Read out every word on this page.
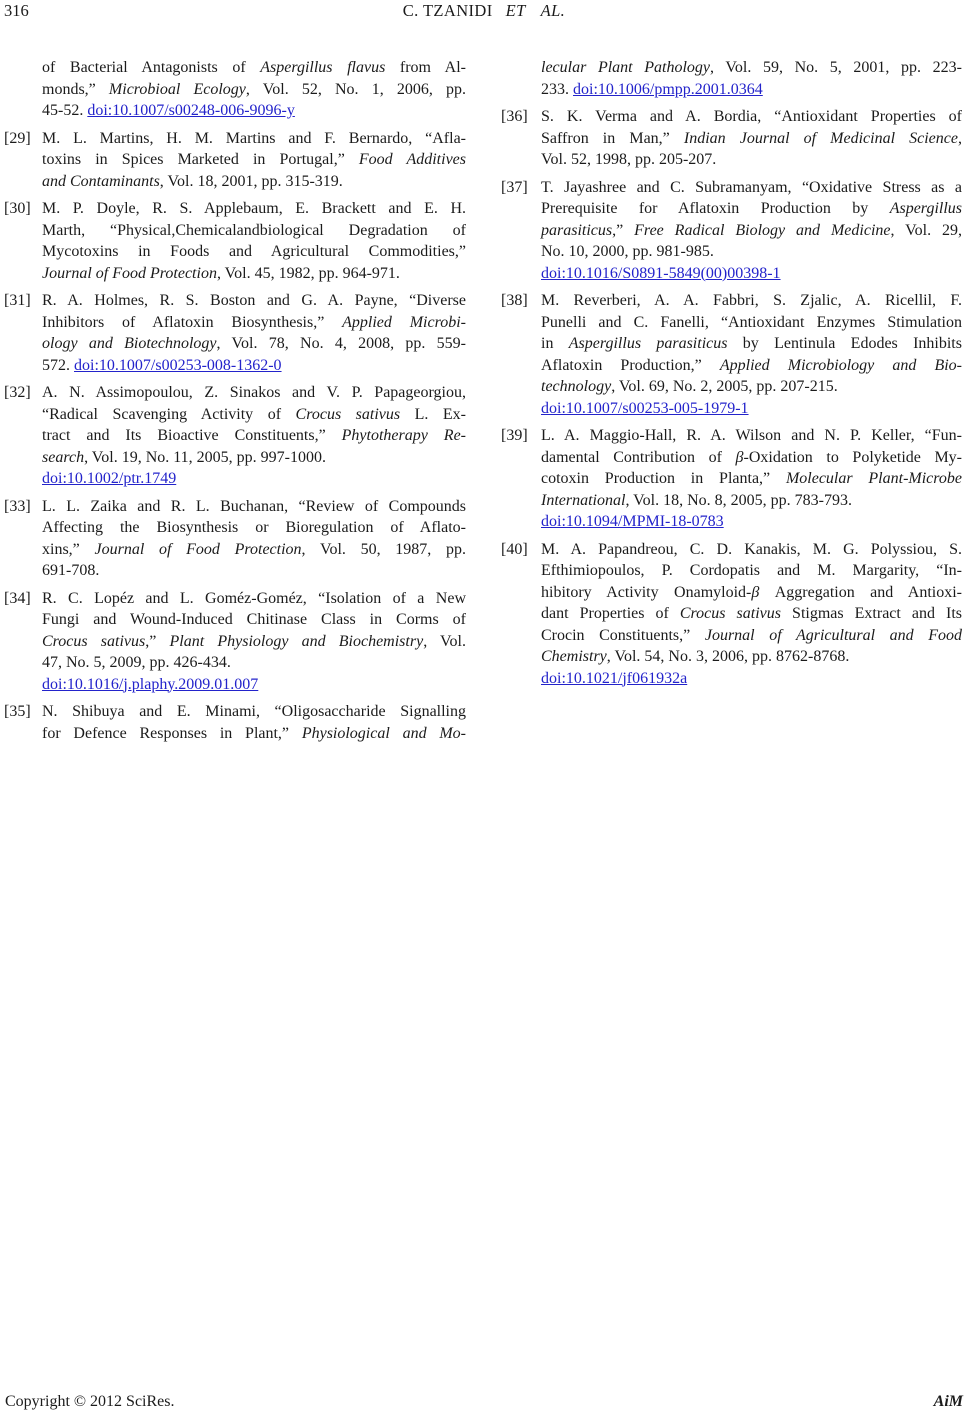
316	C. TZANIDI ET AL.
of Bacterial Antagonists of Aspergillus flavus from Al-
monds,” Microbioal Ecology, Vol. 52, No. 1, 2006, pp.
45-52. doi:10.1007/s00248-006-9096-y
[29] M. L. Martins, H. M. Martins and F. Bernardo, “Afla-
toxins in Spices Marketed in Portugal,” Food Additives
and Contaminants, Vol. 18, 2001, pp. 315-319.
[30] M. P. Doyle, R. S. Applebaum, E. Brackett and E. H.
Marth, “Physical,Chemicalandbiological Degradation of
Mycotoxins in Foods and Agricultural Commodities,”
Journal of Food Protection, Vol. 45, 1982, pp. 964-971.
[31] R. A. Holmes, R. S. Boston and G. A. Payne, “Diverse
Inhibitors of Aflatoxin Biosynthesis,” Applied Microbi-
ology and Biotechnology, Vol. 78, No. 4, 2008, pp. 559-
572. doi:10.1007/s00253-008-1362-0
[32] A. N. Assimopoulou, Z. Sinakos and V. P. Papageorgiou,
“Radical Scavenging Activity of Crocus sativus L. Ex-
tract and Its Bioactive Constituents,” Phytotherapy Re-
search, Vol. 19, No. 11, 2005, pp. 997-1000.
doi:10.1002/ptr.1749
[33] L. L. Zaika and R. L. Buchanan, “Review of Compounds
Affecting the Biosynthesis or Bioregulation of Aflato-
xins,” Journal of Food Protection, Vol. 50, 1987, pp.
691-708.
[34] R. C. Lopéz and L. Goméz-Goméz, “Isolation of a New
Fungi and Wound-Induced Chitinase Class in Corms of
Crocus sativus,” Plant Physiology and Biochemistry, Vol.
47, No. 5, 2009, pp. 426-434.
doi:10.1016/j.plaphy.2009.01.007
[35] N. Shibuya and E. Minami, “Oligosaccharide Signalling
for Defence Responses in Plant,” Physiological and Mo-
lecular Plant Pathology, Vol. 59, No. 5, 2001, pp. 223-
233. doi:10.1006/pmpp.2001.0364
[36] S. K. Verma and A. Bordia, “Antioxidant Properties of
Saffron in Man,” Indian Journal of Medicinal Science,
Vol. 52, 1998, pp. 205-207.
[37] T. Jayashree and C. Subramanyam, “Oxidative Stress as a
Prerequisite for Aflatoxin Production by Aspergillus
parasiticus,” Free Radical Biology and Medicine, Vol. 29,
No. 10, 2000, pp. 981-985.
doi:10.1016/S0891-5849(00)00398-1
[38] M. Reverberi, A. A. Fabbri, S. Zjalic, A. Ricellil, F.
Punelli and C. Fanelli, “Antioxidant Enzymes Stimulation
in Aspergillus parasiticus by Lentinula Edodes Inhibits
Aflatoxin Production,” Applied Microbiology and Bio-
technology, Vol. 69, No. 2, 2005, pp. 207-215.
doi:10.1007/s00253-005-1979-1
[39] L. A. Maggio-Hall, R. A. Wilson and N. P. Keller, “Fun-
damental Contribution of β-Oxidation to Polyketide My-
cotoxin Production in Planta,” Molecular Plant-Microbe
International, Vol. 18, No. 8, 2005, pp. 783-793.
doi:10.1094/MPMI-18-0783
[40] M. A. Papandreou, C. D. Kanakis, M. G. Polyssiou, S.
Efthimiopoulos, P. Cordopatis and M. Margarity, “In-
hibitory Activity Onamyloid-β Aggregation and Antioxi-
dant Properties of Crocus sativus Stigmas Extract and Its
Crocin Constituents,” Journal of Agricultural and Food
Chemistry, Vol. 54, No. 3, 2006, pp. 8762-8768.
doi:10.1021/jf061932a
Copyright © 2012 SciRes.	AiM
